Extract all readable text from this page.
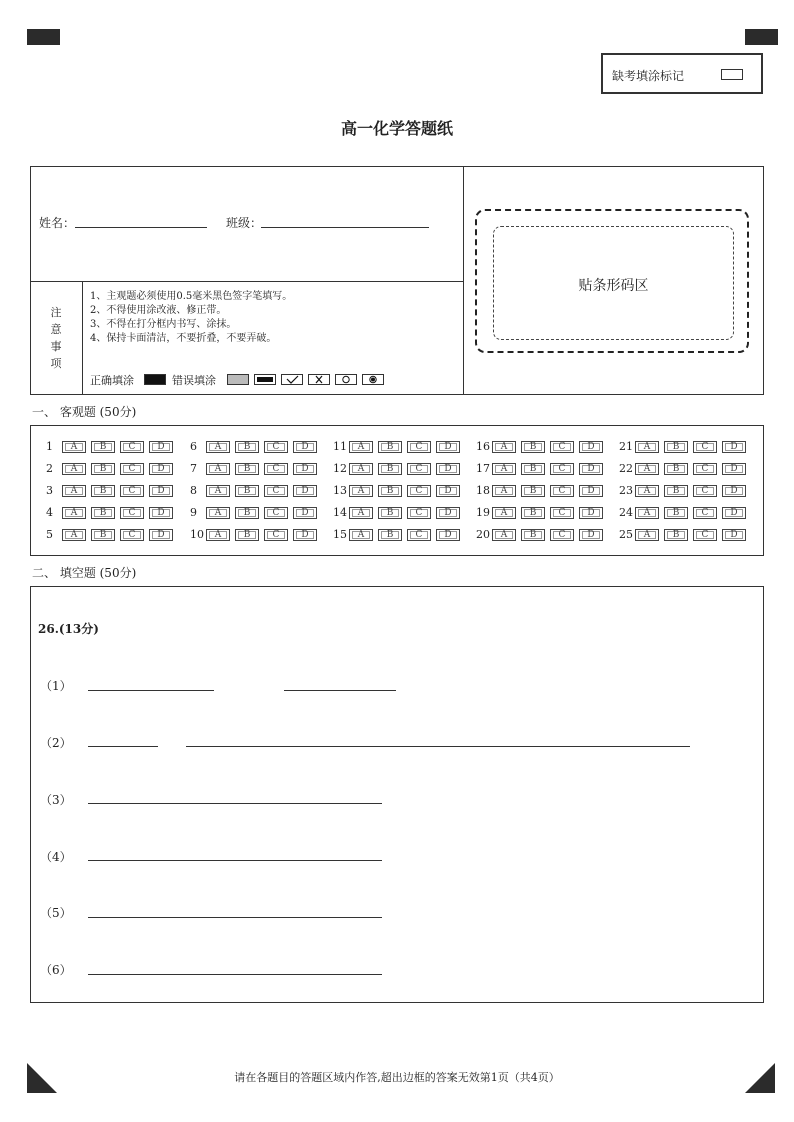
缺考填涂标记
高一化学答题纸
姓名：	班级：
注
意
事
项
1、主观题必须使用0.5毫米黑色签字笔填写。
2、不得使用涂改液、修正带。
3、不得在打分框内书写、涂抹。
4、保持卡面清洁，不要折叠，不要弄破。
正确填涂	错误填涂
贴条形码区
一、 客观题 (50分)
1	A	B	C	D
2	A	B	C	D
3	A	B	C	D
4	A	B	C	D
5	A	B	C	D
6	A	B	C	D
7	A	B	C	D
8	A	B	C	D
9	A	B	C	D
10	A	B	C	D
11	A	B	C	D
12	A	B	C	D
13	A	B	C	D
14	A	B	C	D
15	A	B	C	D
16	A	B	C	D
17	A	B	C	D
18	A	B	C	D
19	A	B	C	D
20	A	B	C	D
21	A	B	C	D
22	A	B	C	D
23	A	B	C	D
24	A	B	C	D
25	A	B	C	D
二、 填空题 (50分)
26.(13分)
（1）
（2）
（3）
（4）
（5）
（6）
请在各题目的答题区域内作答,超出边框的答案无效第1页（共4页）
